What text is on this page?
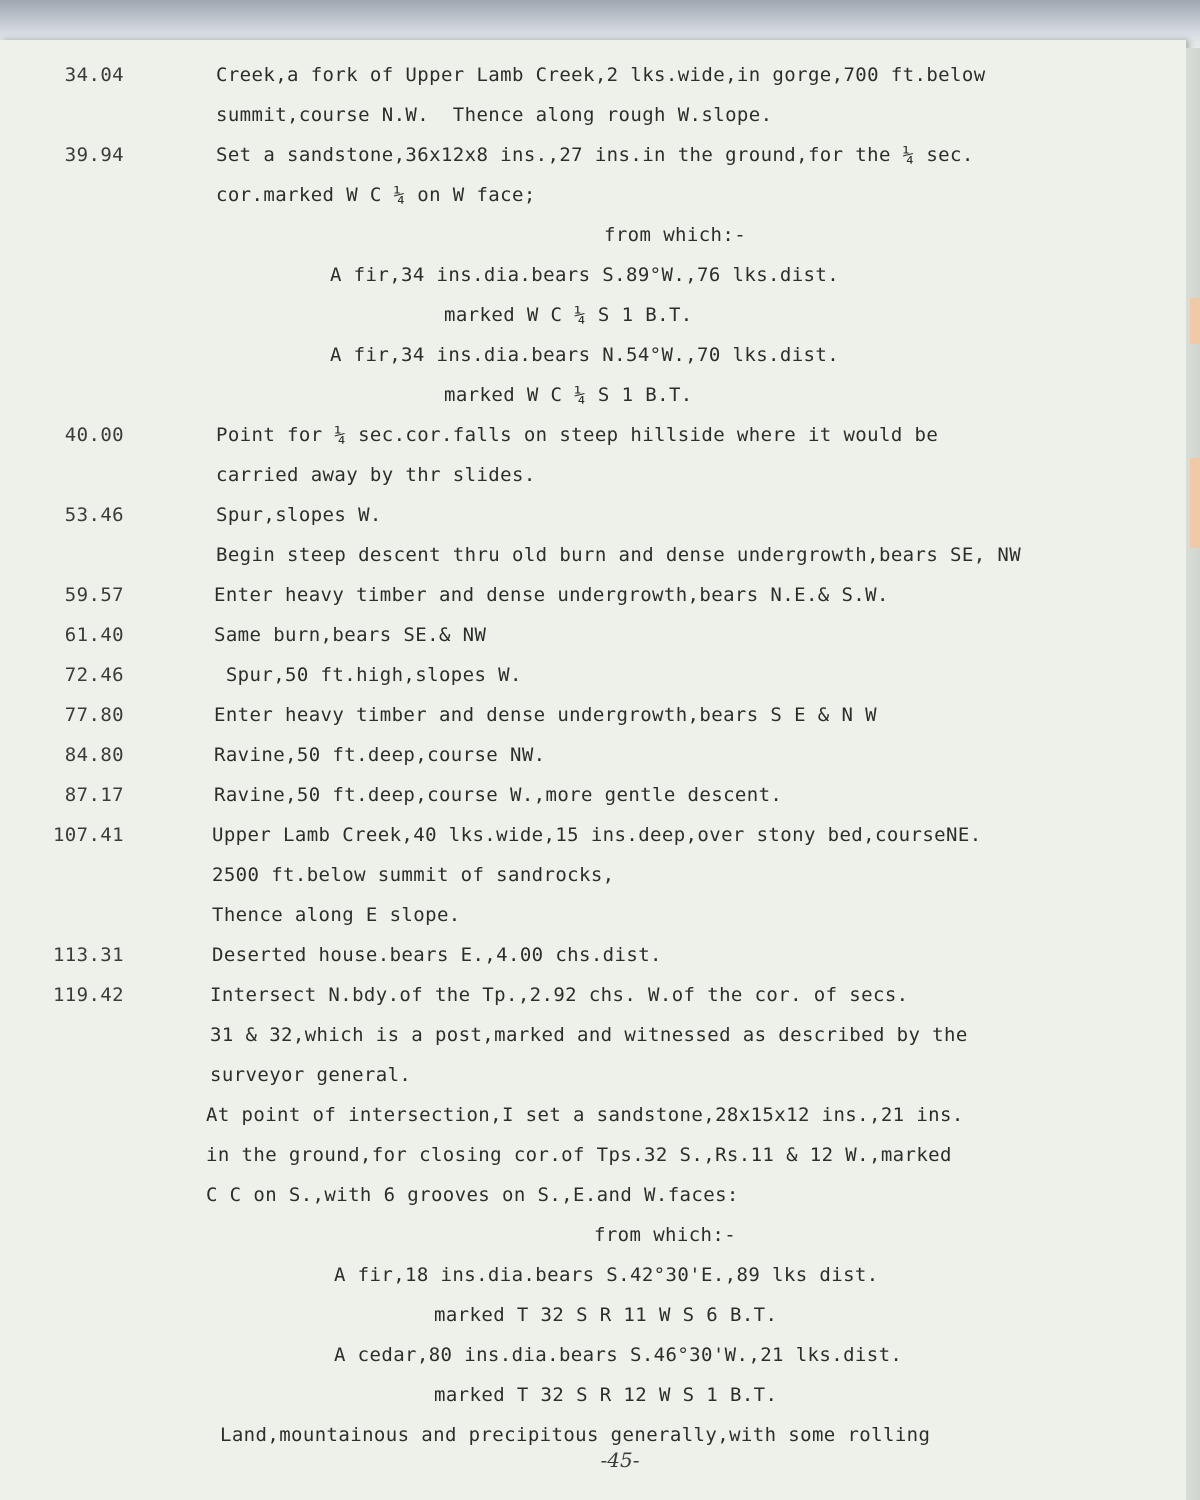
34.04	Creek,a fork of Upper Lamb Creek,2 lks.wide,in gorge,700 ft.below
summit,course N.W.  Thence along rough W.slope.
39.94	Set a sandstone,36x12x8 ins.,27 ins.in the ground,for the ¼ sec.
cor.marked W C ¼ on W face;
from which:-
A fir,34 ins.dia.bears S.89°W.,76 lks.dist.
marked W C ¼ S 1 B.T.
A fir,34 ins.dia.bears N.54°W.,70 lks.dist.
marked W C ¼ S 1 B.T.
40.00	Point for ¼ sec.cor.falls on steep hillside where it would be
carried away by thr slides.
53.46	Spur,slopes W.
Begin steep descent thru old burn and dense undergrowth,bears SE, NW
59.57	Enter heavy timber and dense undergrowth,bears N.E.& S.W.
61.40	Same burn,bears SE.& NW
72.46	Spur,50 ft.high,slopes W.
77.80	Enter heavy timber and dense undergrowth,bears S E & N W
84.80	Ravine,50 ft.deep,course NW.
87.17	Ravine,50 ft.deep,course W.,more gentle descent.
107.41	Upper Lamb Creek,40 lks.wide,15 ins.deep,over stony bed,courseNE.
2500 ft.below summit of sandrocks,
Thence along E slope.
113.31	Deserted house.bears E.,4.00 chs.dist.
119.42	Intersect N.bdy.of the Tp.,2.92 chs. W.of the cor. of secs.
31 & 32,which is a post,marked and witnessed as described by the
surveyor general.
At point of intersection,I set a sandstone,28x15x12 ins.,21 ins.
in the ground,for closing cor.of Tps.32 S.,Rs.11 & 12 W.,marked
C C on S.,with 6 grooves on S.,E.and W.faces:
from which:-
A fir,18 ins.dia.bears S.42°30'E.,89 lks dist.
marked T 32 S R 11 W S 6 B.T.
A cedar,80 ins.dia.bears S.46°30'W.,21 lks.dist.
marked T 32 S R 12 W S 1 B.T.
Land,mountainous and precipitous generally,with some rolling
-45-
